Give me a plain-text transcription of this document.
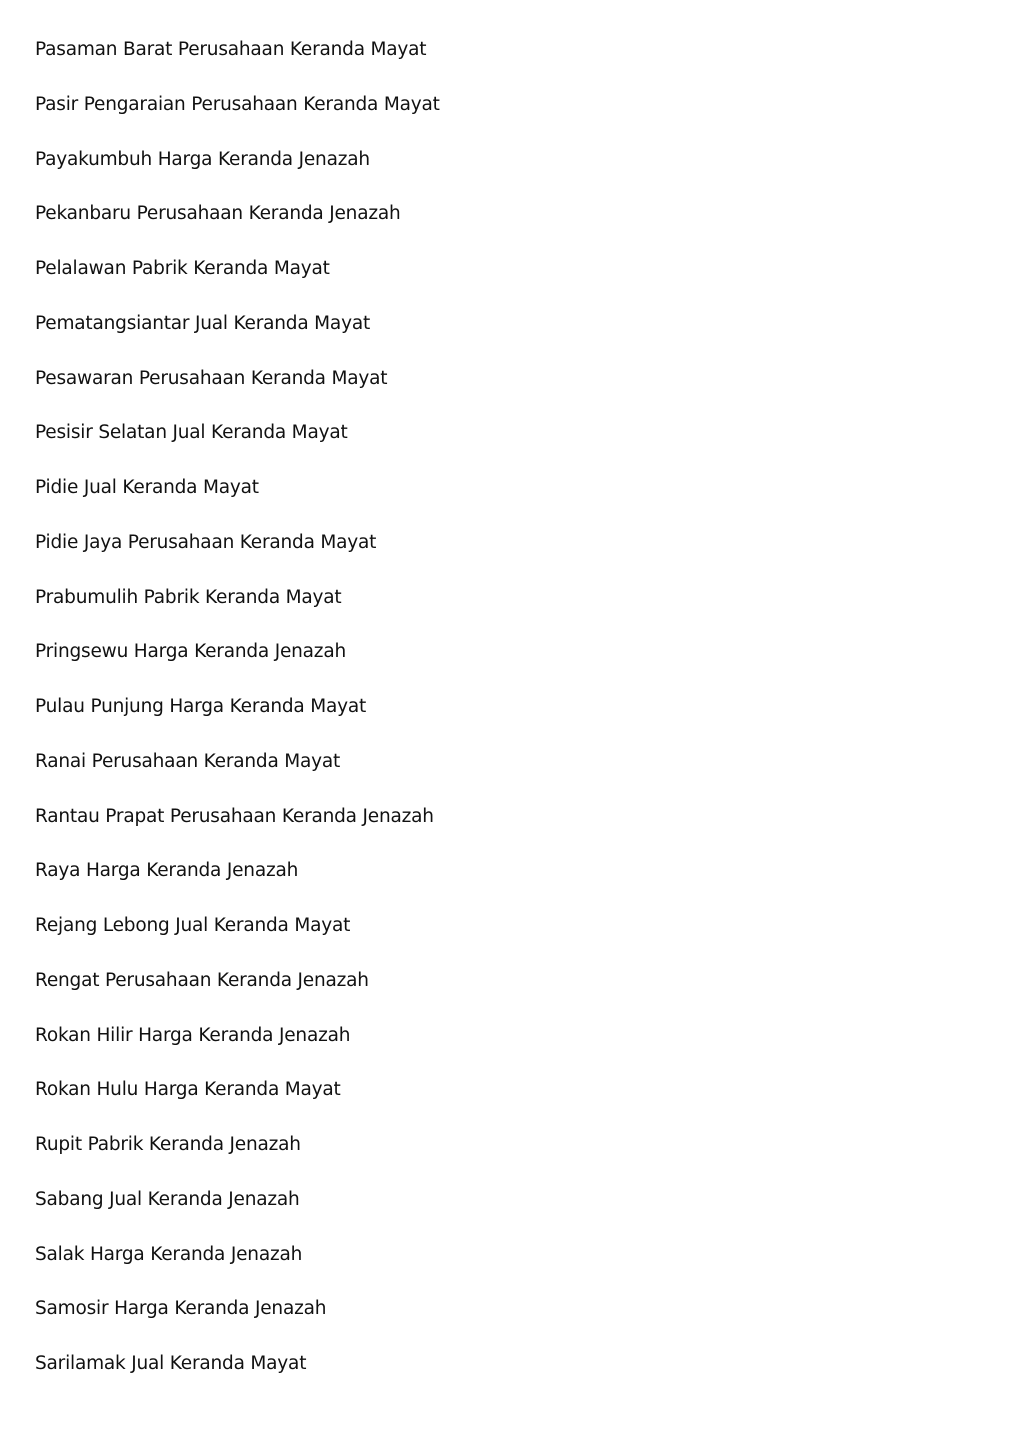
Pasaman Barat Perusahaan Keranda Mayat
Pasir Pengaraian Perusahaan Keranda Mayat
Payakumbuh Harga Keranda Jenazah
Pekanbaru Perusahaan Keranda Jenazah
Pelalawan Pabrik Keranda Mayat
Pematangsiantar Jual Keranda Mayat
Pesawaran Perusahaan Keranda Mayat
Pesisir Selatan Jual Keranda Mayat
Pidie Jual Keranda Mayat
Pidie Jaya Perusahaan Keranda Mayat
Prabumulih Pabrik Keranda Mayat
Pringsewu Harga Keranda Jenazah
Pulau Punjung Harga Keranda Mayat
Ranai Perusahaan Keranda Mayat
Rantau Prapat Perusahaan Keranda Jenazah
Raya Harga Keranda Jenazah
Rejang Lebong Jual Keranda Mayat
Rengat Perusahaan Keranda Jenazah
Rokan Hilir Harga Keranda Jenazah
Rokan Hulu Harga Keranda Mayat
Rupit Pabrik Keranda Jenazah
Sabang Jual Keranda Jenazah
Salak Harga Keranda Jenazah
Samosir Harga Keranda Jenazah
Sarilamak Jual Keranda Mayat
